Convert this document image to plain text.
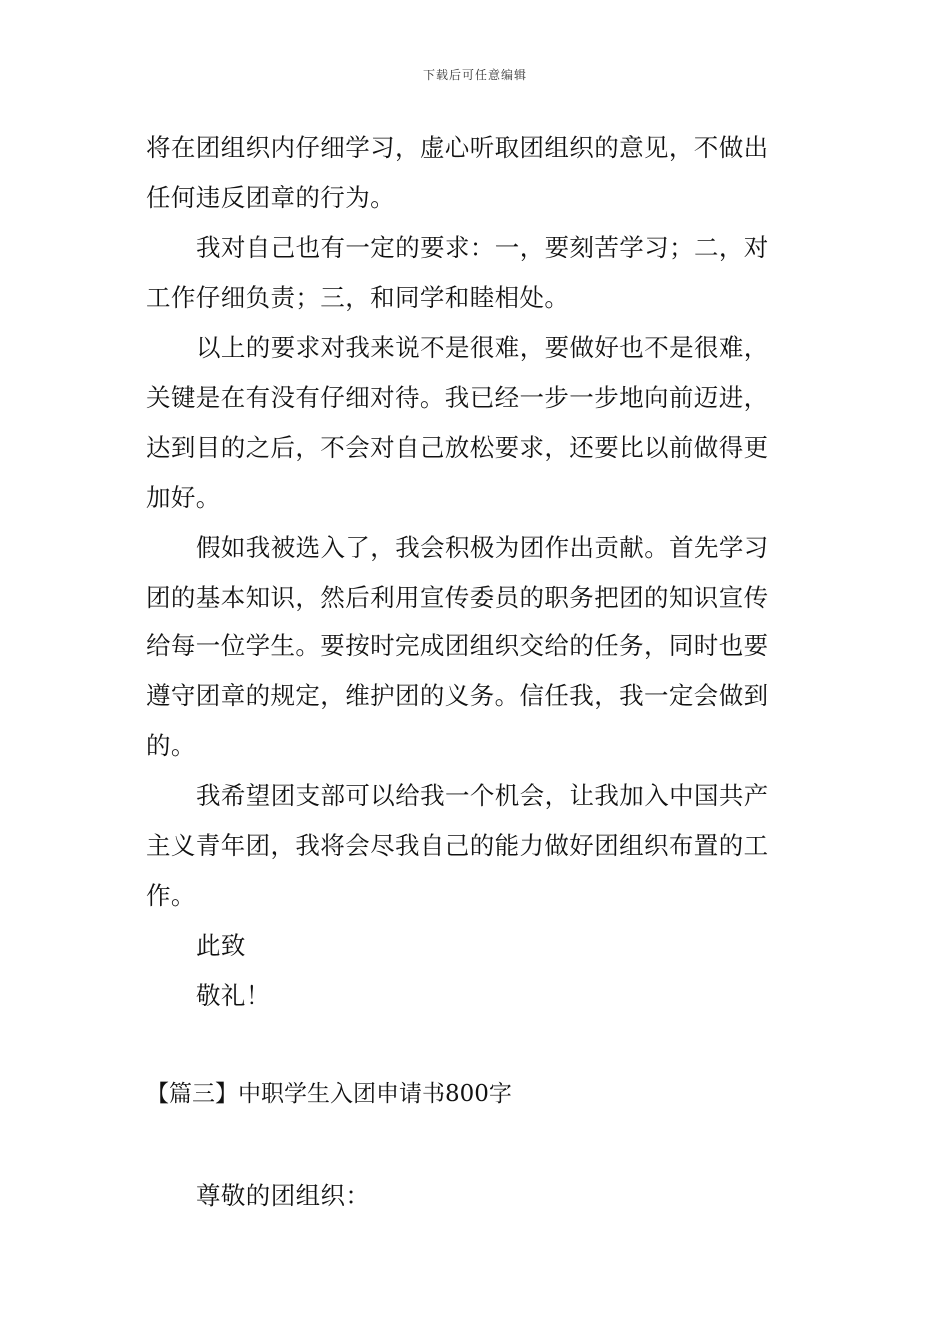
下载后可任意编辑
将在团组织内仔细学习，虚心听取团组织的意见，不做出
任何违反团章的行为。
我对自己也有一定的要求：一，要刻苦学习；二，对
工作仔细负责；三，和同学和睦相处。
以上的要求对我来说不是很难，要做好也不是很难，
关键是在有没有仔细对待。我已经一步一步地向前迈进，
达到目的之后，不会对自己放松要求，还要比以前做得更
加好。
假如我被选入了，我会积极为团作出贡献。首先学习
团的基本知识，然后利用宣传委员的职务把团的知识宣传
给每一位学生。要按时完成团组织交给的任务，同时也要
遵守团章的规定，维护团的义务。信任我，我一定会做到
的。
我希望团支部可以给我一个机会，让我加入中国共产
主义青年团，我将会尽我自己的能力做好团组织布置的工
作。
此致
敬礼！
【篇三】中职学生入团申请书800字
尊敬的团组织：
